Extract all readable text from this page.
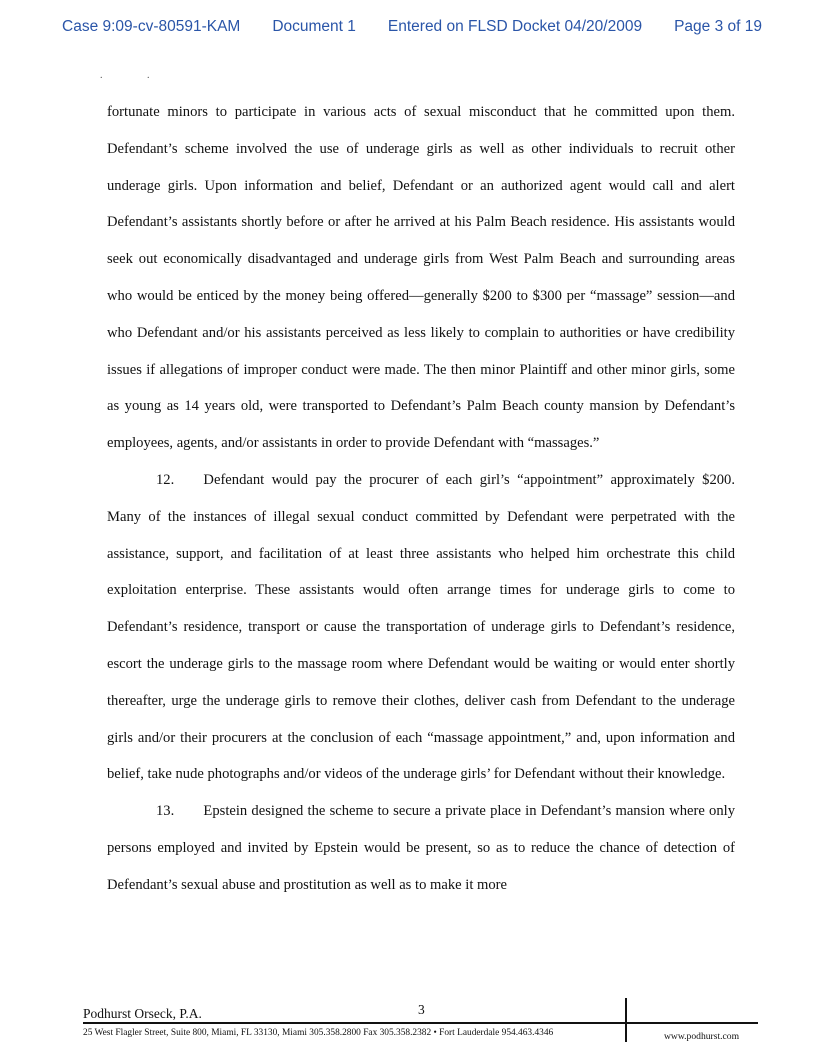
Case 9:09-cv-80591-KAM Document 1 Entered on FLSD Docket 04/20/2009 Page 3 of 19
.	.

fortunate minors to participate in various acts of sexual misconduct that he committed upon them. Defendant’s scheme involved the use of underage girls as well as other individuals to recruit other underage girls. Upon information and belief, Defendant or an authorized agent would call and alert Defendant’s assistants shortly before or after he arrived at his Palm Beach residence. His assistants would seek out economically disadvantaged and underage girls from West Palm Beach and surrounding areas who would be enticed by the money being offered—generally $200 to $300 per “massage” session—and who Defendant and/or his assistants perceived as less likely to complain to authorities or have credibility issues if allegations of improper conduct were made. The then minor Plaintiff and other minor girls, some as young as 14 years old, were transported to Defendant’s Palm Beach county mansion by Defendant’s employees, agents, and/or assistants in order to provide Defendant with “massages.”

12.  Defendant would pay the procurer of each girl’s “appointment” approximately $200. Many of the instances of illegal sexual conduct committed by Defendant were perpetrated with the assistance, support, and facilitation of at least three assistants who helped him orchestrate this child exploitation enterprise. These assistants would often arrange times for underage girls to come to Defendant’s residence, transport or cause the transportation of underage girls to Defendant’s residence, escort the underage girls to the massage room where Defendant would be waiting or would enter shortly thereafter, urge the underage girls to remove their clothes, deliver cash from Defendant to the underage girls and/or their procurers at the conclusion of each “massage appointment,” and, upon information and belief, take nude photographs and/or videos of the underage girls’ for Defendant without their knowledge.

13.  Epstein designed the scheme to secure a private place in Defendant’s mansion where only persons employed and invited by Epstein would be present, so as to reduce the chance of detection of Defendant’s sexual abuse and prostitution as well as to make it more

Podhurst Orseck, P.A.	3
25 West Flagler Street, Suite 800, Miami, FL 33130, Miami 305.358.2800 Fax 305.358.2382 • Fort Lauderdale 954.463.4346	www.podhurst.com
